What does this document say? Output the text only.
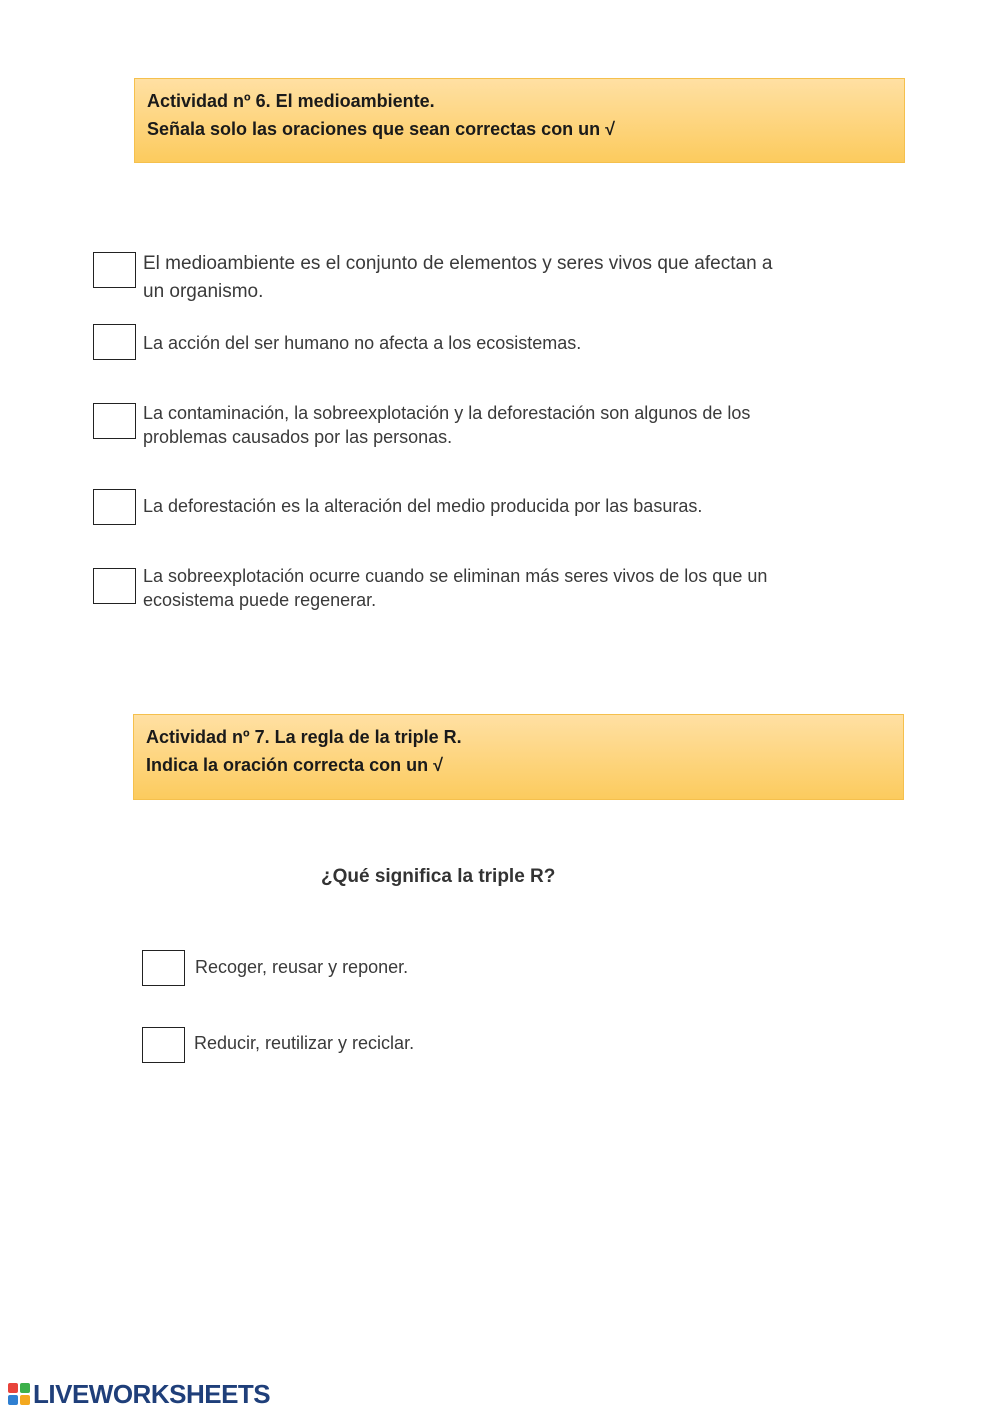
Actividad nº 6. El medioambiente.
Señala solo las oraciones que sean correctas con un √
El medioambiente es el conjunto de elementos y seres vivos que afectan a
un organismo.
La acción del ser humano no afecta a los ecosistemas.
La contaminación, la sobreexplotación y la deforestación son algunos de los
problemas causados por las personas.
La deforestación es la alteración del medio producida por las basuras.
La sobreexplotación ocurre cuando se eliminan más seres vivos de los que un
ecosistema puede regenerar.
Actividad nº 7. La regla de la triple R.
Indica la oración correcta con un √
¿Qué significa la triple R?
Recoger, reusar y reponer.
Reducir, reutilizar y reciclar.
LIVEWORKSHEETS
